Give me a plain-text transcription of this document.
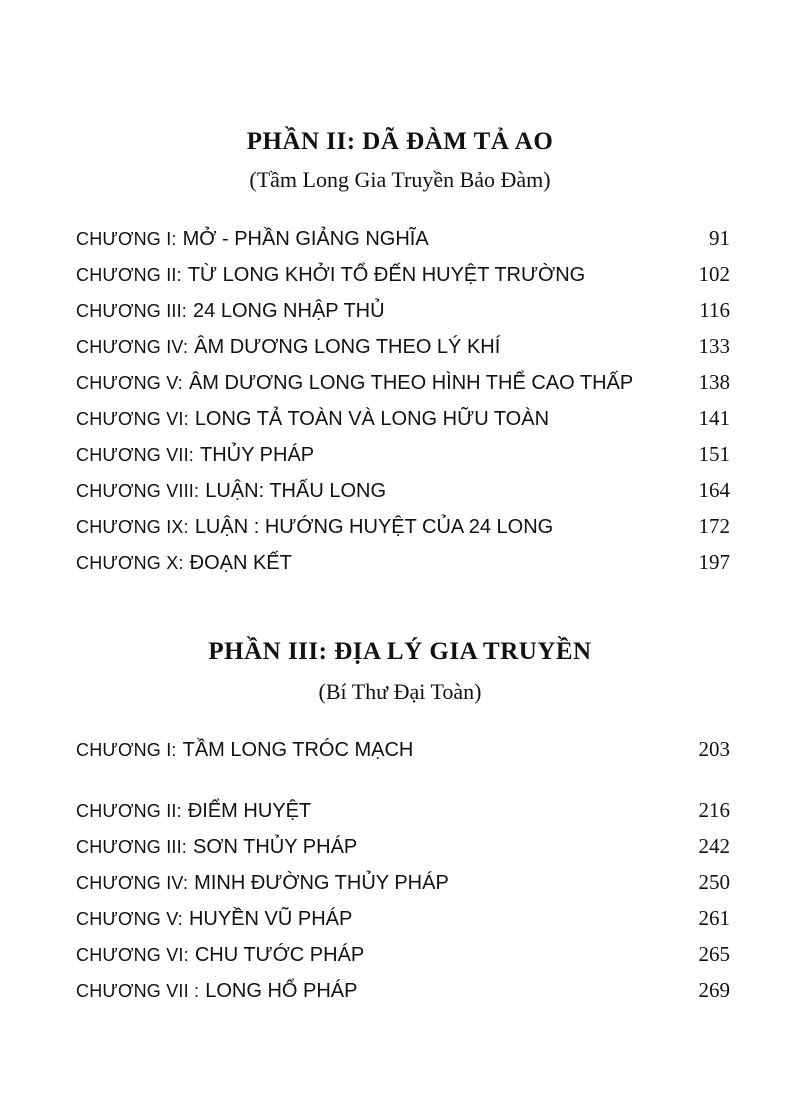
PHẦN II: DÃ ĐÀM TẢ AO
(Tầm Long Gia Truyền Bảo Đàm)
CHƯƠNG I: MỞ - PHẦN GIẢNG NGHĨA	91
CHƯƠNG II: TỪ LONG KHỞI TỔ ĐẾN HUYỆT TRƯỜNG	102
CHƯƠNG III: 24 LONG NHẬP THỦ	116
CHƯƠNG IV: ÂM DƯƠNG LONG THEO LÝ KHÍ	133
CHƯƠNG V: ÂM DƯƠNG LONG THEO HÌNH THỂ CAO THẤP	138
CHƯƠNG VI: LONG TẢ TOÀN VÀ LONG HỮU TOÀN	141
CHƯƠNG VII: THỦY PHÁP	151
CHƯƠNG VIII: LUẬN: THẤU LONG	164
CHƯƠNG IX: LUẬN : HƯỚNG HUYỆT CỦA 24 LONG	172
CHƯƠNG X: ĐOẠN KẾT	197
PHẦN III: ĐỊA LÝ GIA TRUYỀN
(Bí Thư Đại Toàn)
CHƯƠNG I: TẦM LONG TRÓC MẠCH	203
CHƯƠNG II: ĐIỂM HUYỆT	216
CHƯƠNG III: SƠN THỦY PHÁP	242
CHƯƠNG IV: MINH ĐƯỜNG THỦY PHÁP	250
CHƯƠNG V: HUYỀN VŨ PHÁP	261
CHƯƠNG VI: CHU TƯỚC PHÁP	265
CHƯƠNG VII : LONG HỔ PHÁP	269
